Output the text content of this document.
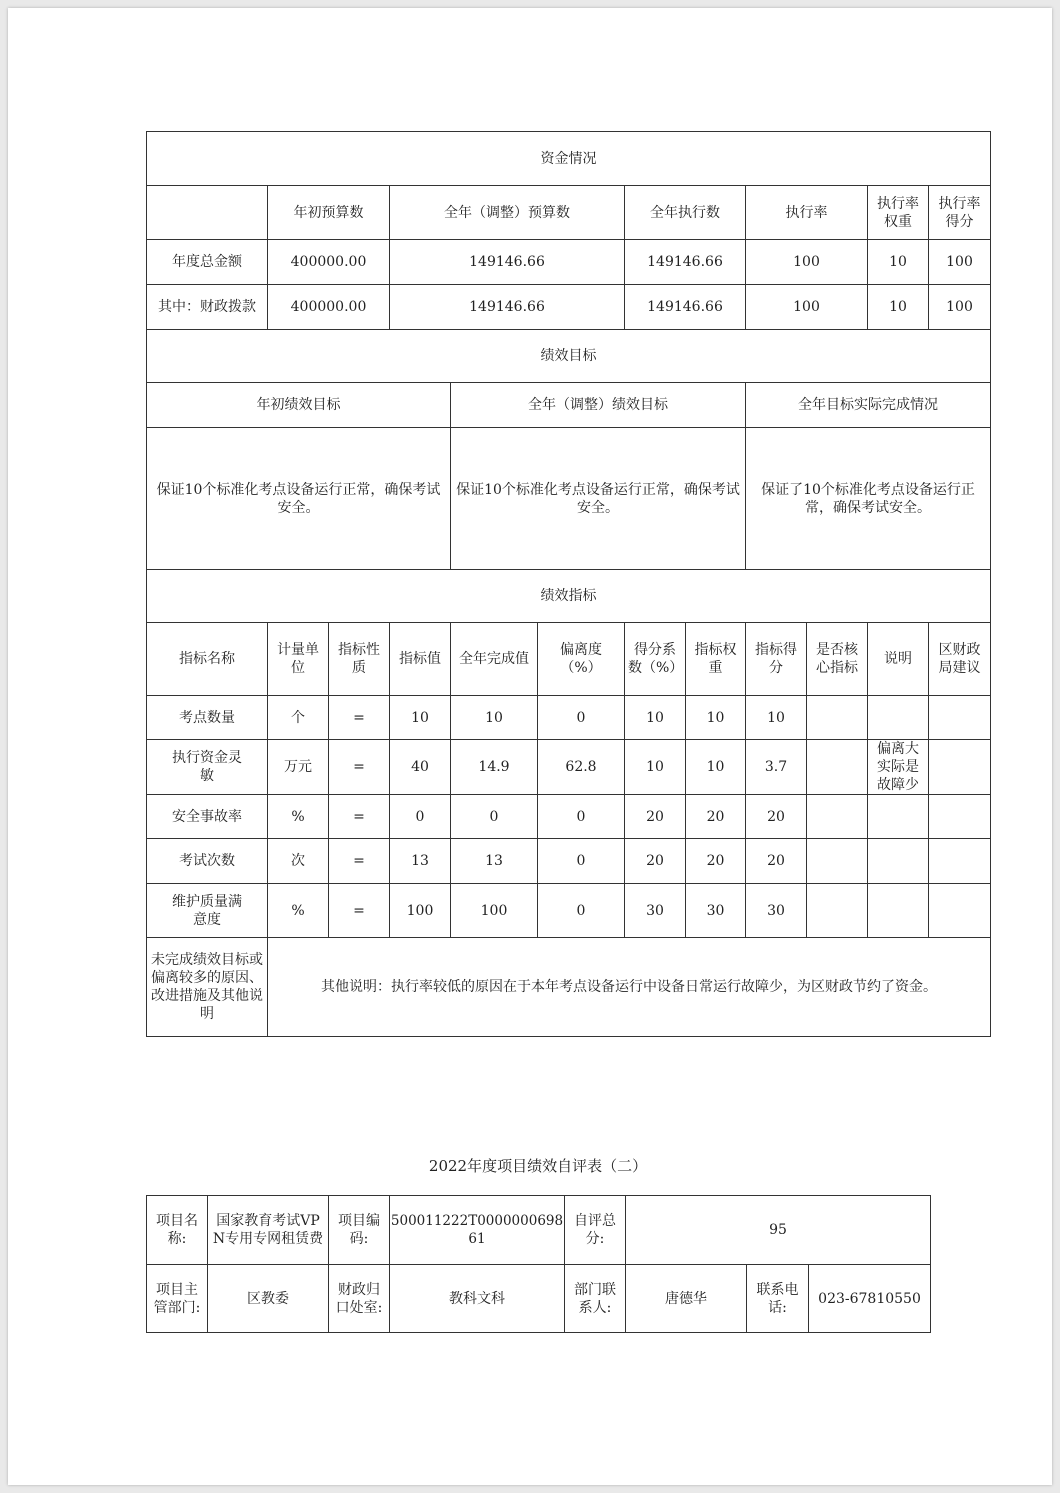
资金情况											
	年初预算数		全年（调整）预算数			全年执行数		执行率		执行率权重	执行率得分
年度总金额	400000.00		149146.66			149146.66		100		10	100
其中：财政拨款	400000.00		149146.66			149146.66		100		10	100
绩效目标											
年初绩效目标				全年（调整）绩效目标				全年目标实际完成情况			
保证10个标准化考点设备运行正常，确保考试安全。				保证10个标准化考点设备运行正常，确保考试安全。				保证了10个标准化考点设备运行正常，确保考试安全。			
绩效指标											
指标名称	计量单位	指标性质	指标值	全年完成值	偏离度（%）	得分系数（%）	指标权重	指标得分	是否核心指标	说明	区财政局建议
考点数量	个	=	10	10	0	10	10	10			
执行资金灵敏	万元	=	40	14.9	62.8	10	10	3.7		偏离大实际是故障少	
安全事故率	%	=	0	0	0	20	20	20			
考试次数	次	=	13	13	0	20	20	20			
维护质量满意度	%	=	100	100	0	30	30	30			
未完成绩效目标或偏离较多的原因、改进措施及其他说明	其他说明：执行率较低的原因在于本年考点设备运行中设备日常运行故障少，为区财政节约了资金。										
2022年度项目绩效自评表（二）
项目名称:	国家教育考试VPN专用专网租赁费	项目编码:	500011222T000000069861	自评总分:	95		
项目主管部门:	区教委	财政归口处室:	教科文科	部门联系人:	唐德华	联系电话:	023-67810550
